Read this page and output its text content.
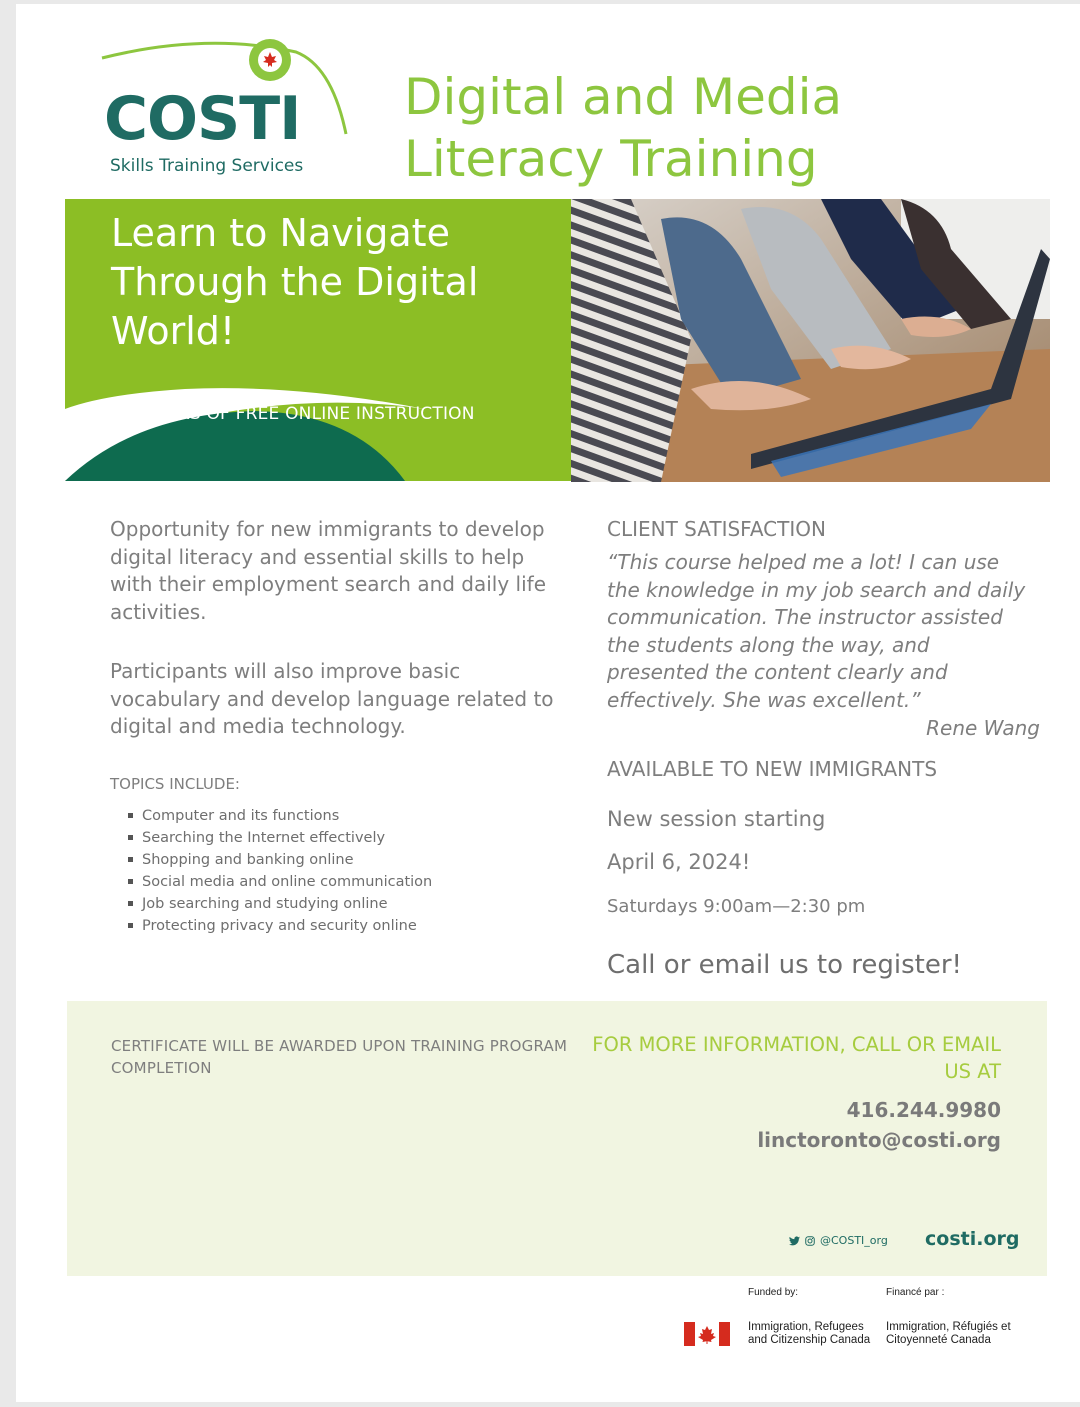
COSTI
Skills Training Services
Digital and Media Literacy Training
Learn to Navigate Through the Digital World!
25 HOURS OF FREE ONLINE INSTRUCTION

Opportunity for new immigrants to develop digital literacy and essential skills to help with their employment search and daily life activities.

Participants will also improve basic vocabulary and develop language related to digital and media technology.

TOPICS INCLUDE:
Computer and its functions
Searching the Internet effectively
Shopping and banking online
Social media and online communication
Job searching and studying online
Protecting privacy and security online
CLIENT SATISFACTION
“This course helped me a lot! I can use the knowledge in my job search and daily communication. The instructor assisted the students along the way, and presented the content clearly and effectively. She was excellent.”
Rene Wang
AVAILABLE TO NEW IMMIGRANTS
New session starting
April 6, 2024!
Saturdays 9:00am—2:30 pm
Call or email us to register!
CERTIFICATE WILL BE AWARDED UPON TRAINING PROGRAM COMPLETION
FOR MORE INFORMATION, CALL OR EMAIL US AT
416.244.9980
linctoronto@costi.org
@COSTI_org costi.org
Funded by:	Financé par :
Immigration, Refugees and Citizenship Canada
Immigration, Réfugiés et Citoyenneté Canada
